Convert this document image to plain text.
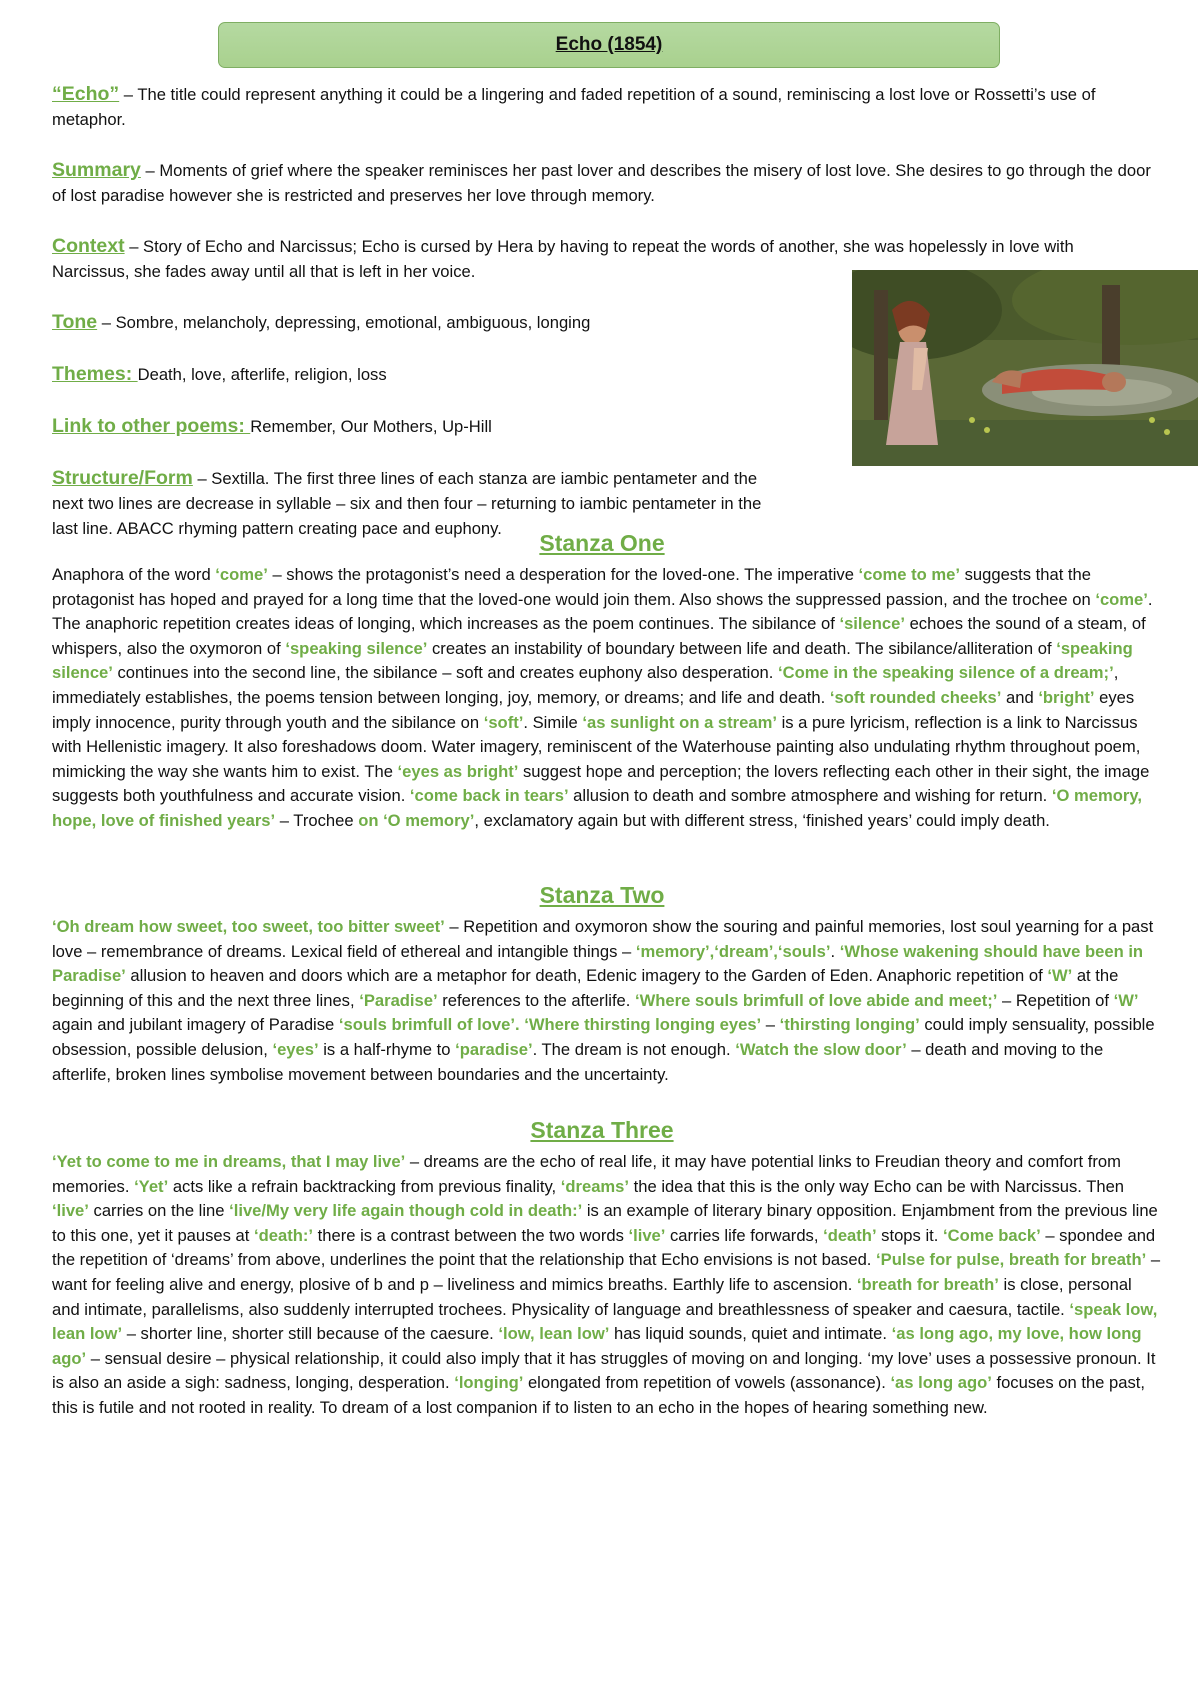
Echo (1854)

“Echo” – The title could represent anything it could be a lingering and faded repetition of a sound, reminiscing a lost love or Rossetti’s use of metaphor.

Summary – Moments of grief where the speaker reminisces her past lover and describes the misery of lost love. She desires to go through the door of lost paradise however she is restricted and preserves her love through memory.

Context – Story of Echo and Narcissus; Echo is cursed by Hera by having to repeat the words of another, she was hopelessly in love with Narcissus, she fades away until all that is left in her voice.

Tone – Sombre, melancholy, depressing, emotional, ambiguous, longing

Themes: Death, love, afterlife, religion, loss

Link to other poems: Remember, Our Mothers, Up-Hill

Structure/Form – Sextilla. The first three lines of each stanza are iambic pentameter and the next two lines are decrease in syllable – six and then four – returning to iambic pentameter in the last line. ABACC rhyming pattern creating pace and euphony.

Stanza One

Anaphora of the word ‘come’ – shows the protagonist’s need a desperation for the loved-one. The imperative ‘come to me’ suggests that the protagonist has hoped and prayed for a long time that the loved-one would join them. Also shows the suppressed passion, and the trochee on ‘come’. The anaphoric repetition creates ideas of longing, which increases as the poem continues. The sibilance of ‘silence’ echoes the sound of a steam, of whispers, also the oxymoron of ‘speaking silence’ creates an instability of boundary between life and death. The sibilance/alliteration of ‘speaking silence’ continues into the second line, the sibilance – soft and creates euphony also desperation. ‘Come in the speaking silence of a dream;’, immediately establishes, the poems tension between longing, joy, memory, or dreams; and life and death. ‘soft rounded cheeks’ and ‘bright’ eyes imply innocence, purity through youth and the sibilance on ‘soft’. Simile ‘as sunlight on a stream’ is a pure lyricism, reflection is a link to Narcissus with Hellenistic imagery. It also foreshadows doom. Water imagery, reminiscent of the Waterhouse painting also undulating rhythm throughout poem, mimicking the way she wants him to exist. The ‘eyes as bright’ suggest hope and perception; the lovers reflecting each other in their sight, the image suggests both youthfulness and accurate vision. ‘come back in tears’ allusion to death and sombre atmosphere and wishing for return. ‘O memory, hope, love of finished years’ – Trochee on ‘O memory’, exclamatory again but with different stress, ‘finished years’ could imply death.

Stanza Two

‘Oh dream how sweet, too sweet, too bitter sweet’ – Repetition and oxymoron show the souring and painful memories, lost soul yearning for a past love – remembrance of dreams. Lexical field of ethereal and intangible things – ‘memory’,‘dream’,‘souls’. ‘Whose wakening should have been in Paradise’ allusion to heaven and doors which are a metaphor for death, Edenic imagery to the Garden of Eden. Anaphoric repetition of ‘W’ at the beginning of this and the next three lines, ‘Paradise’ references to the afterlife. ‘Where souls brimfull of love abide and meet;’ – Repetition of ‘W’ again and jubilant imagery of Paradise ‘souls brimfull of love’. ‘Where thirsting longing eyes’ – ‘thirsting longing’ could imply sensuality, possible obsession, possible delusion, ‘eyes’ is a half-rhyme to ‘paradise’. The dream is not enough. ‘Watch the slow door’ – death and moving to the afterlife, broken lines symbolise movement between boundaries and the uncertainty.

Stanza Three

‘Yet to come to me in dreams, that I may live’ – dreams are the echo of real life, it may have potential links to Freudian theory and comfort from memories. ‘Yet’ acts like a refrain backtracking from previous finality, ‘dreams’ the idea that this is the only way Echo can be with Narcissus. Then ‘live’ carries on the line ‘live/My very life again though cold in death:’ is an example of literary binary opposition. Enjambment from the previous line to this one, yet it pauses at ‘death:’ there is a contrast between the two words ‘live’ carries life forwards, ‘death’ stops it. ‘Come back’ – spondee and the repetition of ‘dreams’ from above, underlines the point that the relationship that Echo envisions is not based. ‘Pulse for pulse, breath for breath’ – want for feeling alive and energy, plosive of b and p – liveliness and mimics breaths. Earthly life to ascension. ‘breath for breath’ is close, personal and intimate, parallelisms, also suddenly interrupted trochees. Physicality of language and breathlessness of speaker and caesura, tactile. ‘speak low, lean low’ – shorter line, shorter still because of the caesure. ‘low, lean low’ has liquid sounds, quiet and intimate. ‘as long ago, my love, how long ago’ – sensual desire – physical relationship, it could also imply that it has struggles of moving on and longing. ‘my love’ uses a possessive pronoun. It is also an aside a sigh: sadness, longing, desperation. ‘longing’ elongated from repetition of vowels (assonance). ‘as long ago’ focuses on the past, this is futile and not rooted in reality. To dream of a lost companion if to listen to an echo in the hopes of hearing something new.
